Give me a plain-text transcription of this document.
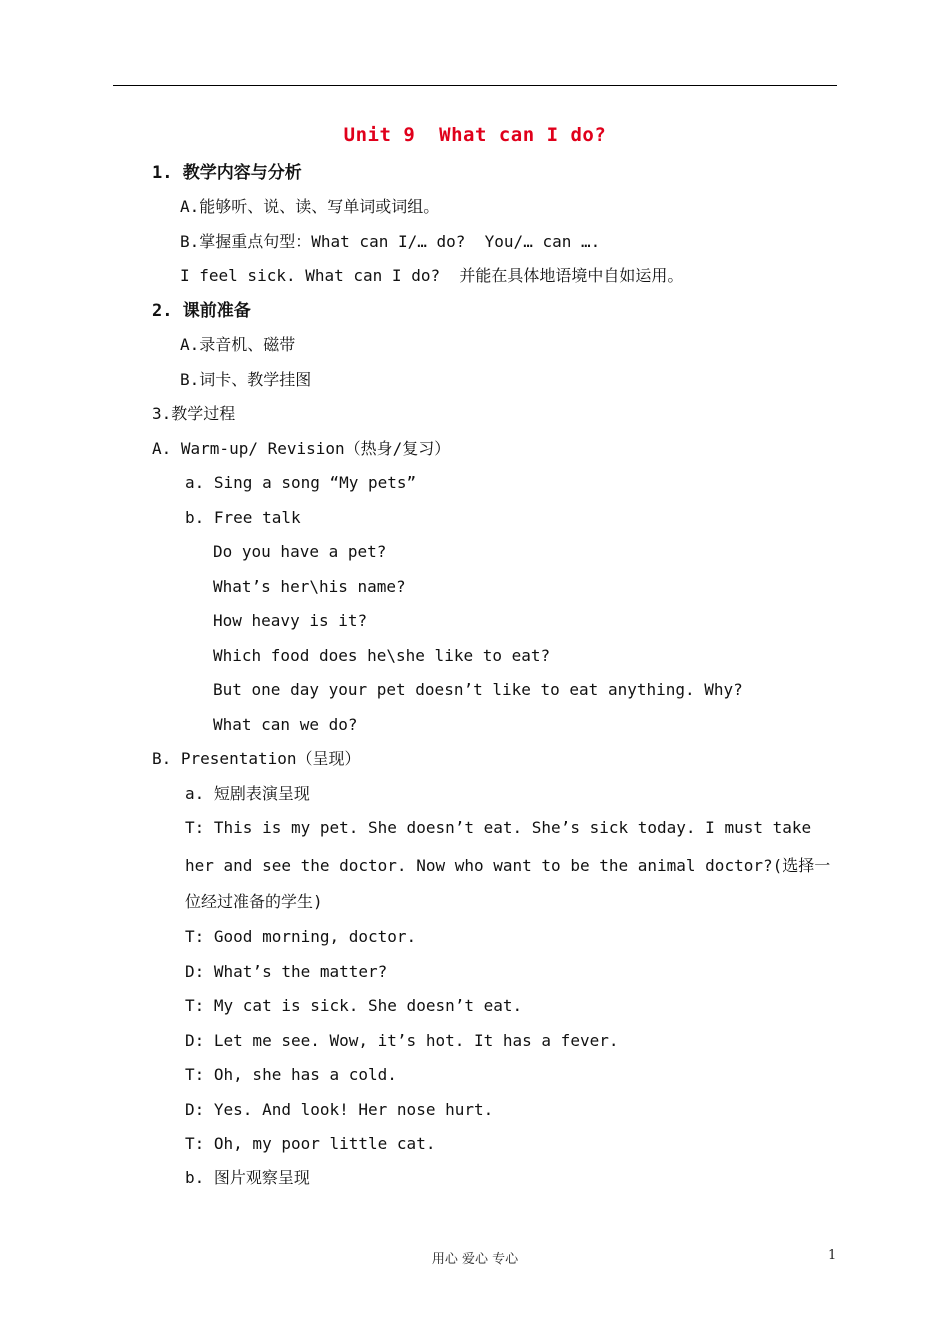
Unit 9  What can I do?
1. 教学内容与分析
A.能够听、说、读、写单词或词组。
B.掌握重点句型：What can I/… do?  You/… can ….
I feel sick. What can I do?  并能在具体地语境中自如运用。
2. 课前准备
A.录音机、磁带
B.词卡、教学挂图
3.教学过程
A. Warm-up/ Revision（热身/复习）
a. Sing a song “My pets”
b. Free talk
Do you have a pet?
What’s her\his name?
How heavy is it?
Which food does he\she like to eat?
But one day your pet doesn’t like to eat anything. Why?
What can we do?
B. Presentation（呈现）
a. 短剧表演呈现
T: This is my pet. She doesn’t eat. She’s sick today. I must take
her and see the doctor. Now who want to be the animal doctor?(选择一
位经过准备的学生)
T: Good morning, doctor.
D: What’s the matter?
T: My cat is sick. She doesn’t eat.
D: Let me see. Wow, it’s hot. It has a fever.
T: Oh, she has a cold.
D: Yes. And look! Her nose hurt.
T: Oh, my poor little cat.
b. 图片观察呈现
用心 爱心 专心	1
